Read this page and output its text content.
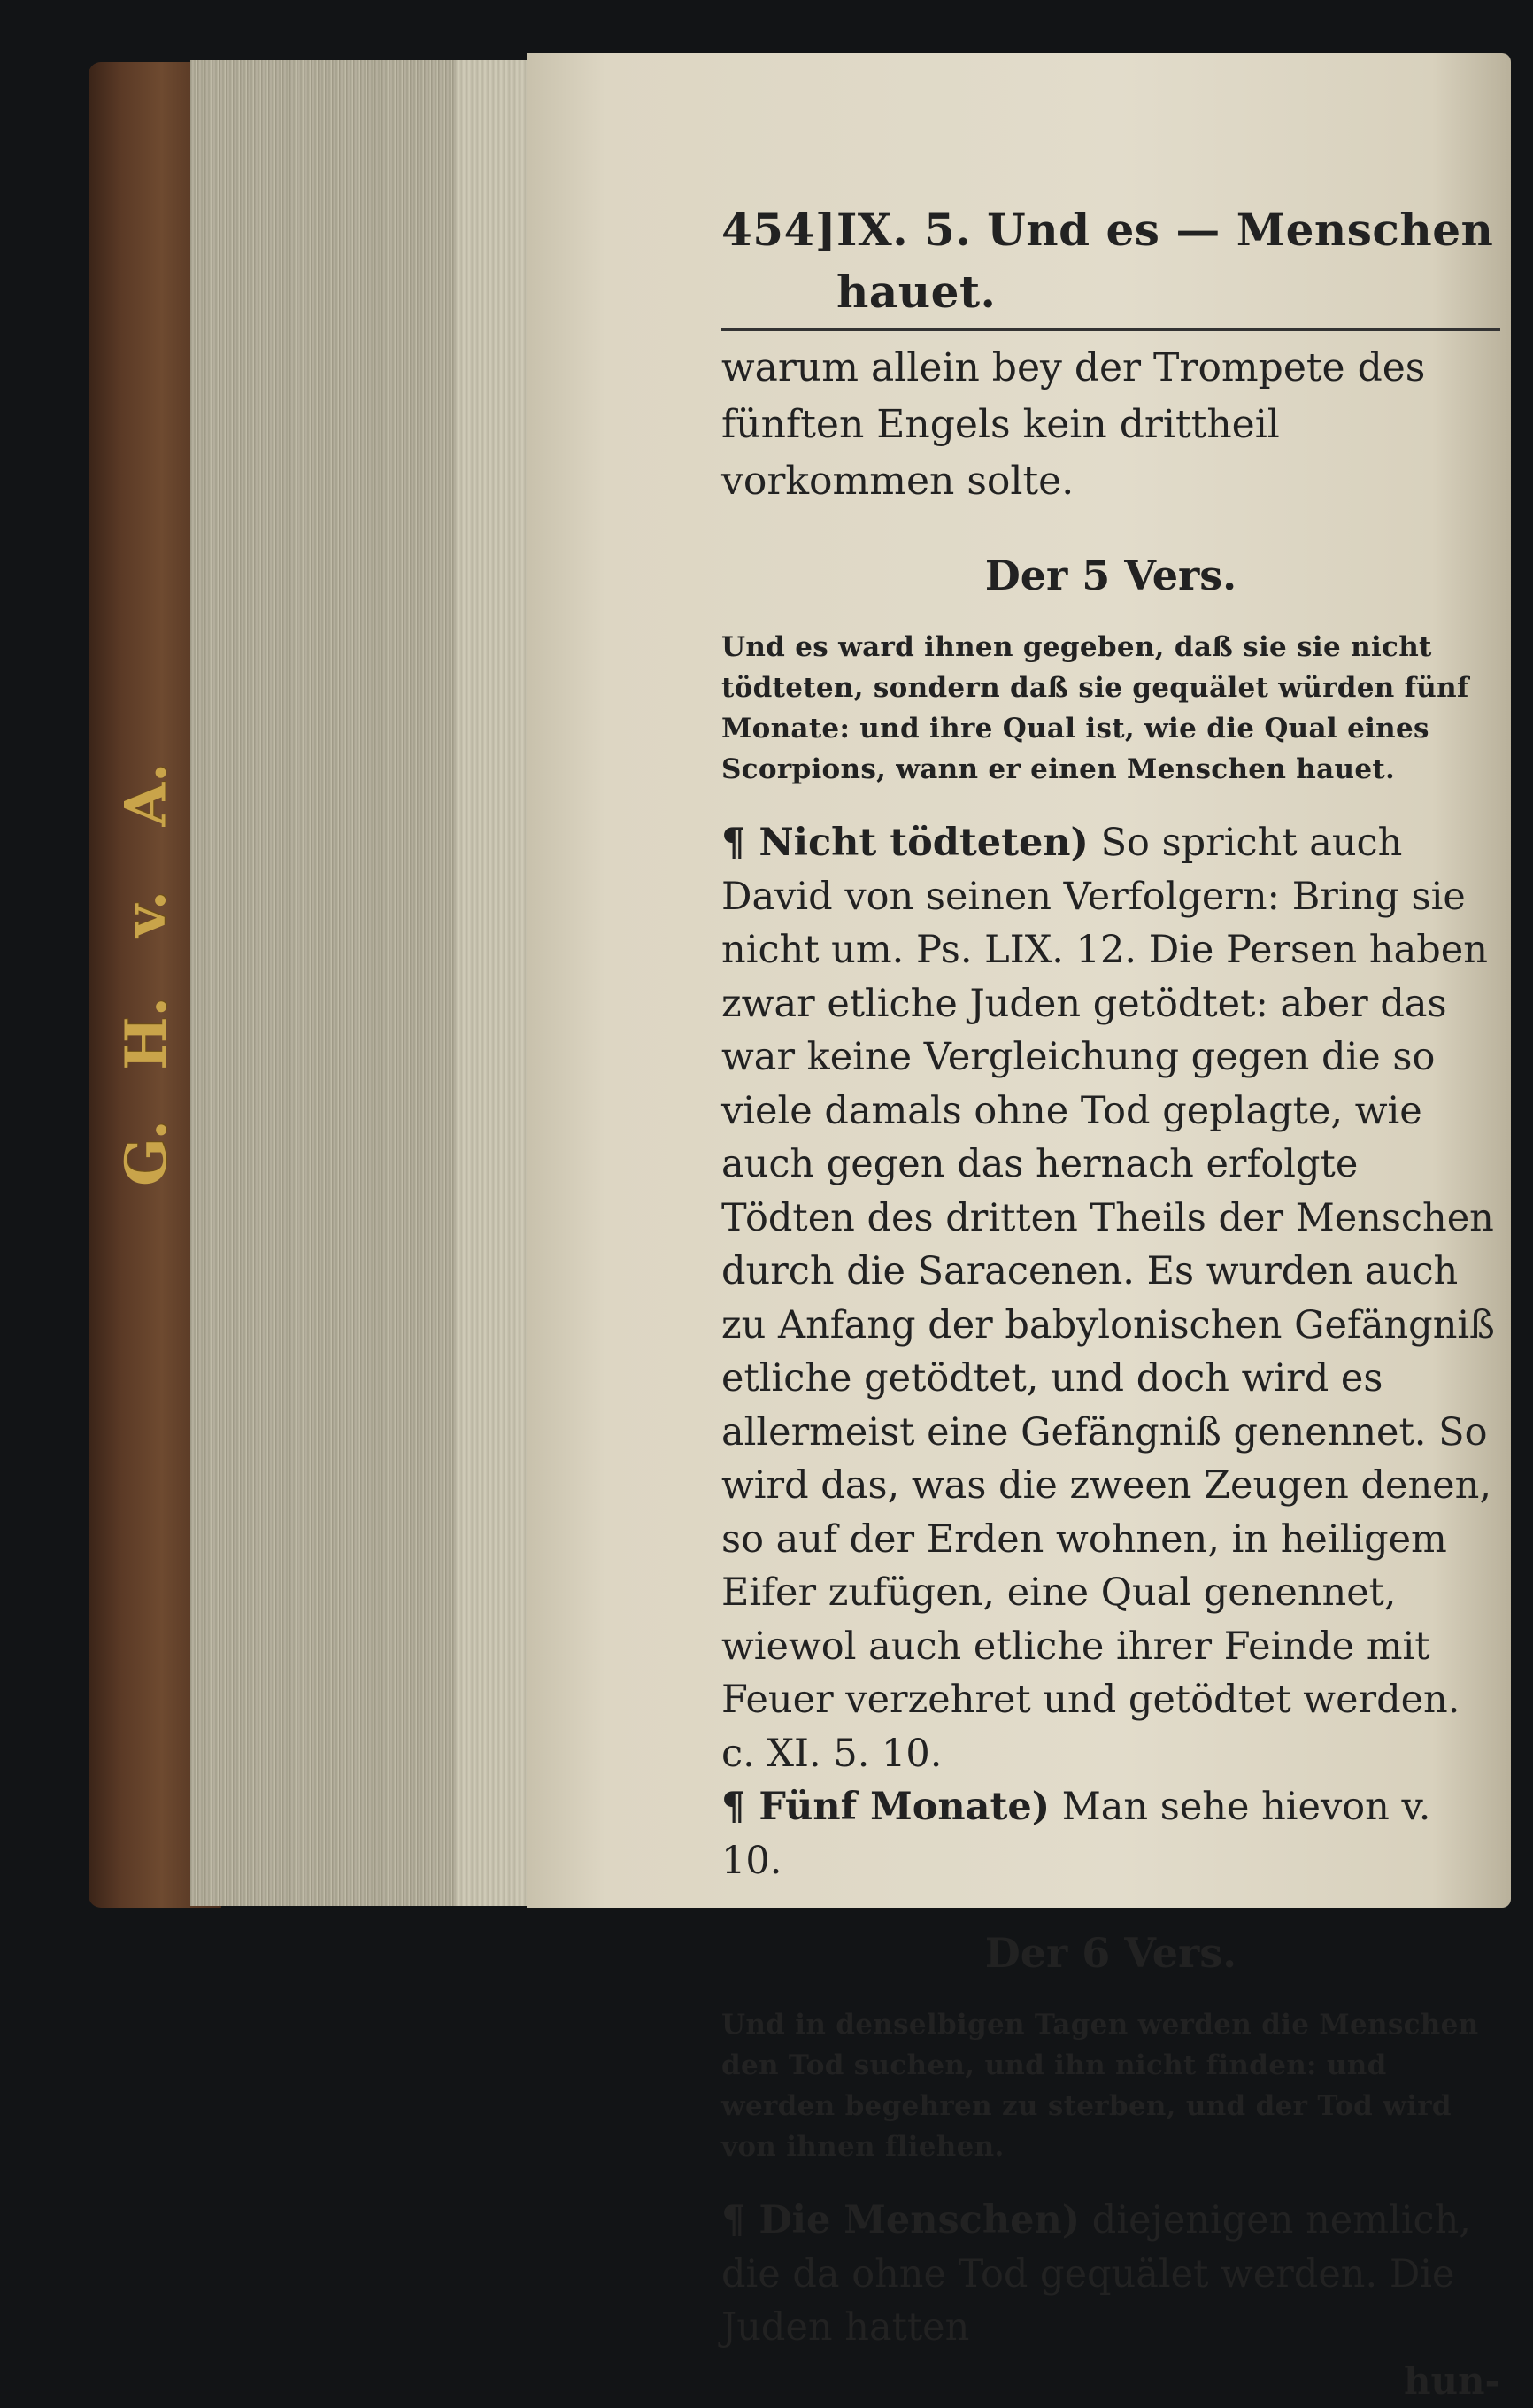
A.
v.
H.
G.
454] IX. 5. Und es — Menschen hauet.
warum allein bey der Trompete des fünften Engels kein drittheil vorkommen solte.
Der 5 Vers.
Und es ward ihnen gegeben, daß sie sie nicht tödteten, sondern daß sie gequälet würden fünf Monate: und ihre Qual ist, wie die Qual eines Scorpions, wann er einen Menschen hauet.
¶ Nicht tödteten) So spricht auch David von seinen Verfolgern: Bring sie nicht um. Ps. LIX. 12. Die Persen haben zwar etliche Juden getödtet: aber das war keine Vergleichung gegen die so viele damals ohne Tod geplagte, wie auch gegen das hernach erfolgte Tödten des dritten Theils der Menschen durch die Saracenen. Es wurden auch zu Anfang der babylonischen Gefängniß etliche getödtet, und doch wird es allermeist eine Gefängniß genennet. So wird das, was die zween Zeugen denen, so auf der Erden wohnen, in heiligem Eifer zufügen, eine Qual genennet, wiewol auch etliche ihrer Feinde mit Feuer verzehret und getödtet werden. c. XI. 5. 10.
¶ Fünf Monate) Man sehe hievon v. 10.
Der 6 Vers.
Und in denselbigen Tagen werden die Menschen den Tod suchen, und ihn nicht finden: und werden begehren zu sterben, und der Tod wird von ihnen fliehen.
¶ Die Menschen) diejenigen nemlich, die da ohne Tod gequälet werden. Die Juden hatten
hun-
